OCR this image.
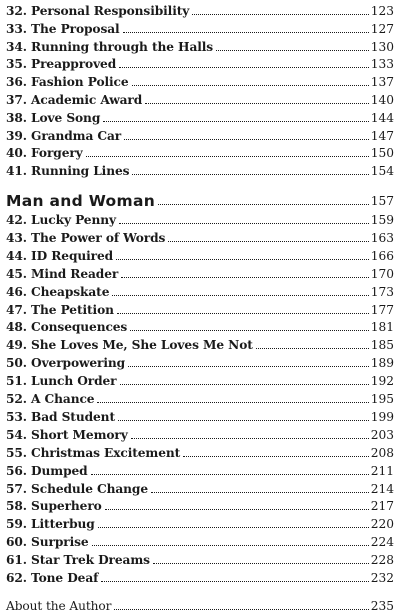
32. Personal Responsibility	123
33. The Proposal	127
34. Running through the Halls	130
35. Preapproved	133
36. Fashion Police	137
37. Academic Award	140
38. Love Song	144
39. Grandma Car	147
40. Forgery	150
41. Running Lines	154
Man and Woman	157
42. Lucky Penny	159
43. The Power of Words	163
44. ID Required	166
45. Mind Reader	170
46. Cheapskate	173
47. The Petition	177
48. Consequences	181
49. She Loves Me, She Loves Me Not	185
50. Overpowering	189
51. Lunch Order	192
52. A Chance	195
53. Bad Student	199
54. Short Memory	203
55. Christmas Excitement	208
56. Dumped	211
57. Schedule Change	214
58. Superhero	217
59. Litterbug	220
60. Surprise	224
61. Star Trek Dreams	228
62. Tone Deaf	232
About the Author	235
